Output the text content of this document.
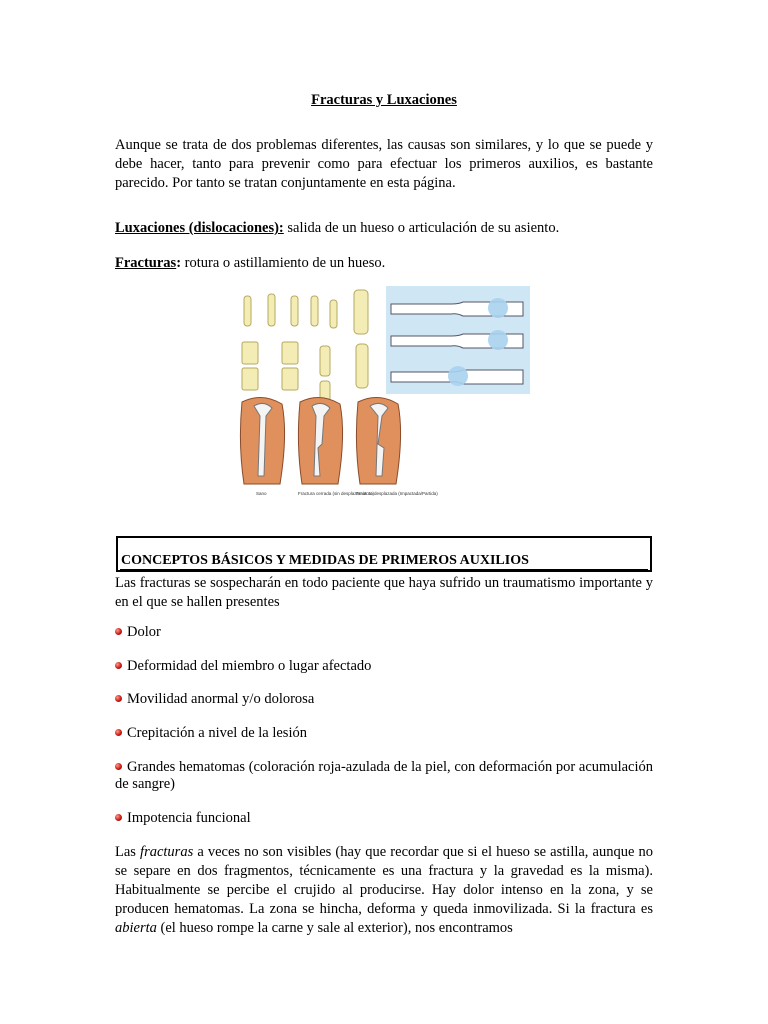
Fracturas y Luxaciones
Aunque se trata de dos problemas diferentes, las causas son similares, y lo que se puede y debe hacer, tanto para prevenir como para efectuar los primeros auxilios, es bastante parecido. Por tanto se tratan conjuntamente en esta página.
Luxaciones (dislocaciones): salida de un hueso o articulación de su asiento.
Fracturas: rotura o astillamiento de un hueso.
Sano	Fractura cerrada (sin desplazamiento)
Fractura desplazada (Impactada/Partida)
CONCEPTOS BÁSICOS Y MEDIDAS DE PRIMEROS AUXILIOS
Las fracturas se sospecharán en todo paciente que haya sufrido un traumatismo importante y en el que se hallen presentes
Dolor
Deformidad del miembro o lugar afectado
Movilidad anormal y/o dolorosa
Crepitación a nivel de la lesión
Grandes hematomas (coloración roja-azulada de la piel, con deformación por acumulación de sangre)
Impotencia funcional
Las fracturas a veces no son visibles (hay que recordar que si el hueso se astilla, aunque no se separe en dos fragmentos, técnicamente es una fractura y la gravedad es la misma). Habitualmente se percibe el crujido al producirse. Hay dolor intenso en la zona, y se producen hematomas. La zona se hincha, deforma y queda inmovilizada. Si la fractura es abierta (el hueso rompe la carne y sale al exterior), nos encontramos
